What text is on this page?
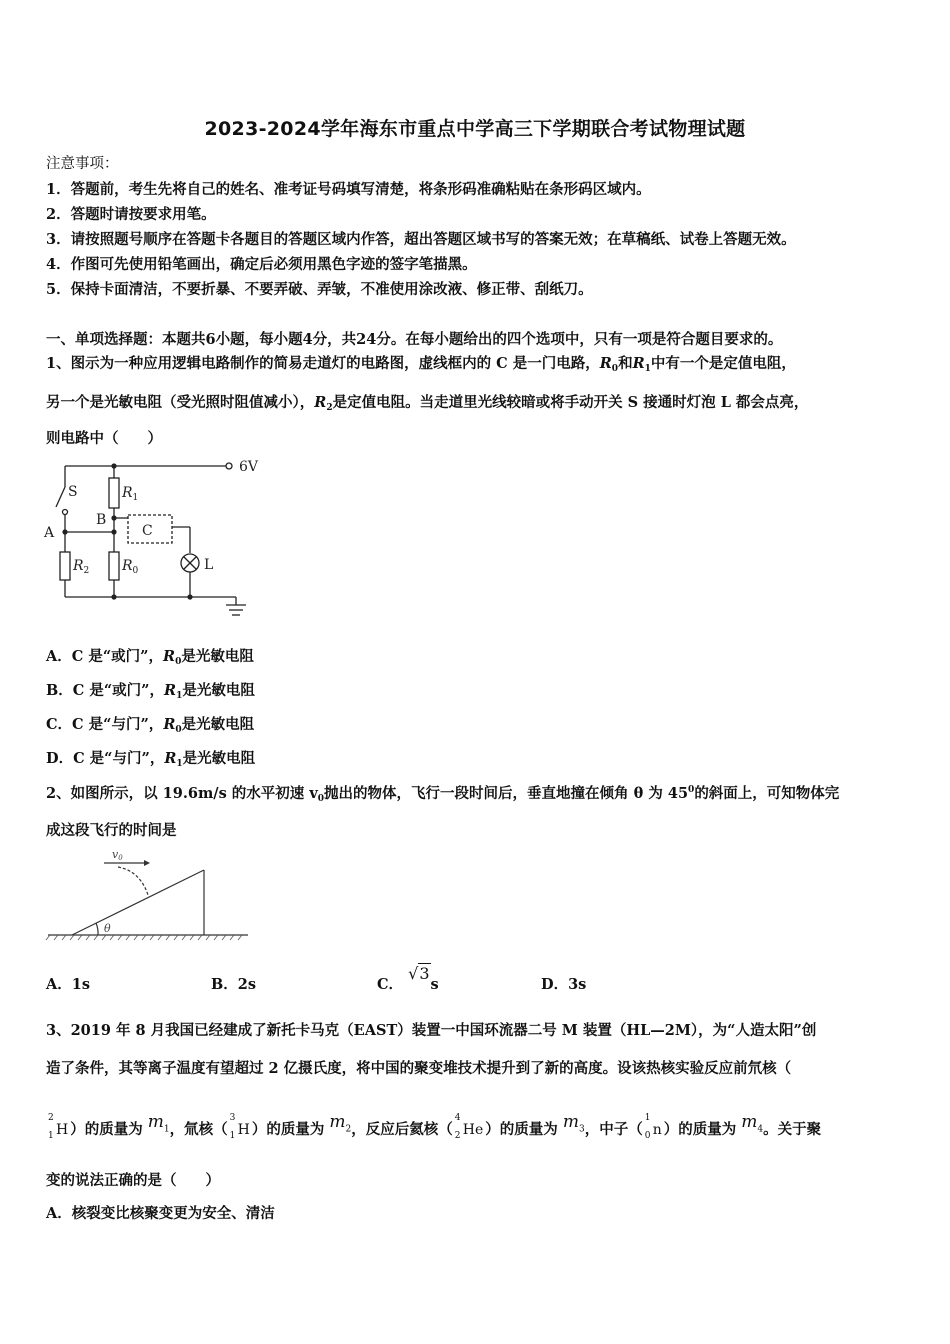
2023-2024学年海东市重点中学高三下学期联合考试物理试题
注意事项：
1．答题前，考生先将自己的姓名、准考证号码填写清楚，将条形码准确粘贴在条形码区域内。
2．答题时请按要求用笔。
3．请按照题号顺序在答题卡各题目的答题区域内作答，超出答题区域书写的答案无效；在草稿纸、试卷上答题无效。
4．作图可先使用铅笔画出，确定后必须用黑色字迹的签字笔描黑。
5．保持卡面清洁，不要折暴、不要弄破、弄皱，不准使用涂改液、修正带、刮纸刀。
一、单项选择题：本题共6小题，每小题4分，共24分。在每小题给出的四个选项中，只有一项是符合题目要求的。
1、图示为一种应用逻辑电路制作的简易走道灯的电路图，虚线框内的 C 是一门电路，$R_0$和$R_1$中有一个是定值电阻，
另一个是光敏电阻（受光照时阻值减小），$R_2$是定值电阻。当走道里光线较暗或将手动开关 S 接通时灯泡 L 都会点亮，
则电路中（　　）
6V
S
A
B
C
L
$R_1$
$R_2$ $R_0$
A．C 是“或门”，$R_0$是光敏电阻
B．C 是“或门”，$R_1$是光敏电阻
C．C 是“与门”，$R_0$是光敏电阻
D．C 是“与门”，$R_1$是光敏电阻
2、如图所示，以 19.6m/s 的水平初速 $v_0$抛出的物体，飞行一段时间后，垂直地撞在倾角 θ 为 $45^0$的斜面上，可知物体完
成这段飞行的时间是
v0
θ
A．1s	B．2s	C． √3s	D．3s
3、2019 年 8 月我国已经建成了新托卡马克（EAST）装置一中国环流器二号 M 装置（HL—2M），为“人造太阳”创
造了条件，其等离子温度有望超过 2 亿摄氏度，将中国的聚变堆技术提升到了新的高度。设该热核实验反应前氘核（
2
1 H ）的质量为 $m_1$，氚核（
3
1 H ）的质量为 $m_2$，反应后氦核（
4
2 He ）的质量为 $m_3$，中子（
1
0 n ）的质量为 $m_4$。关于聚
变的说法正确的是（　　）
A．核裂变比核聚变更为安全、清洁
